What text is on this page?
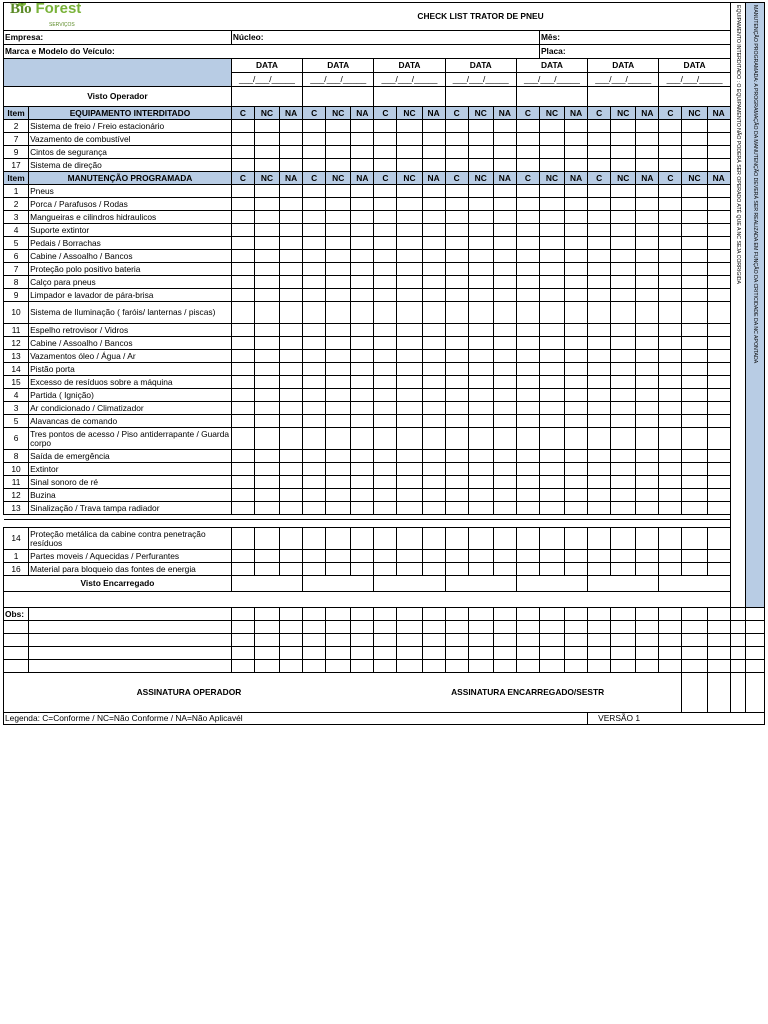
Bio Forest
SERVIÇOS		CHECK LIST TRATOR DE PNEU																					EQUIPAMENTO INTERDITADO : O EQUIPAMENTO NÃO PODERÁ SER OPERADO ATÉ QUE A NC SEJA CORRIGIDA	MANUTENÇÃO PROGRAMADA: A PROGRAMAÇÃO DA MANUTENÇÃO DEVERÁ SER REALIZADA EM FUNÇÃO DA CRITICIDADE DA NC APONTADA

Empresa:		Núcleo:													Mês:									
Marca e Modelo do Veículo:															Placa:									
		DATA			DATA			DATA			DATA			DATA			DATA			DATA				
		___/___/_____			___/___/_____			___/___/_____			___/___/_____			___/___/_____			___/___/_____			___/___/_____				
Visto Operador																								
Item	EQUIPAMENTO INTERDITADO	C	NC	NA	C	NC	NA	C	NC	NA	C	NC	NA	C	NC	NA	C	NC	NA	C	NC	NA		
2	Sistema de freio / Freio estacionário																							
7	Vazamento de combustível																							
9	Cintos de segurança																							
17	Sistema de direção																							
Item	MANUTENÇÃO PROGRAMADA	C	NC	NA	C	NC	NA	C	NC	NA	C	NC	NA	C	NC	NA	C	NC	NA	C	NC	NA		
1	Pneus																							
2	Porca / Parafusos / Rodas																							
3	Mangueiras e cilindros hidraulicos																							
4	Suporte extintor																							
5	Pedais / Borrachas																							
6	Cabine / Assoalho / Bancos																							
7	Proteção polo positivo bateria																							
8	Calço para pneus																							
9	Limpador e lavador de pára-brisa																							
10	Sistema de Iluminação ( faróis/ lanternas / piscas)																							
11	Espelho retrovisor / Vidros																							
12	Cabine / Assoalho / Bancos																							
13	Vazamentos óleo / Água / Ar																							
14	Pistão porta																							
15	Excesso de resíduos sobre a máquina																							
4	Partida ( Ignição)																							
3	Ar condicionado / Climatizador																							
5	Alavancas de comando																							
6	Tres pontos de acesso / Piso antiderrapante / Guarda corpo																							
8	Saída de emergência																							
10	Extintor																							
11	Sinal sonoro de ré																							
12	Buzina																							
13	Sinalização / Trava tampa radiador																							

14	Proteção metálica da cabine contra penetração resíduos																							
1	Partes moveis / Aquecidas / Perfurantes																							
16	Material para bloqueio das fontes de energia																							
Visto Encarregado																								

Obs:																								

ASSINATURA OPERADOR								ASSINATURA ENCARREGADO/SESTR																
Legenda: C=Conforme / NC=Não Conforme / NA=Não Aplicavél																	VERSÃO 1							
